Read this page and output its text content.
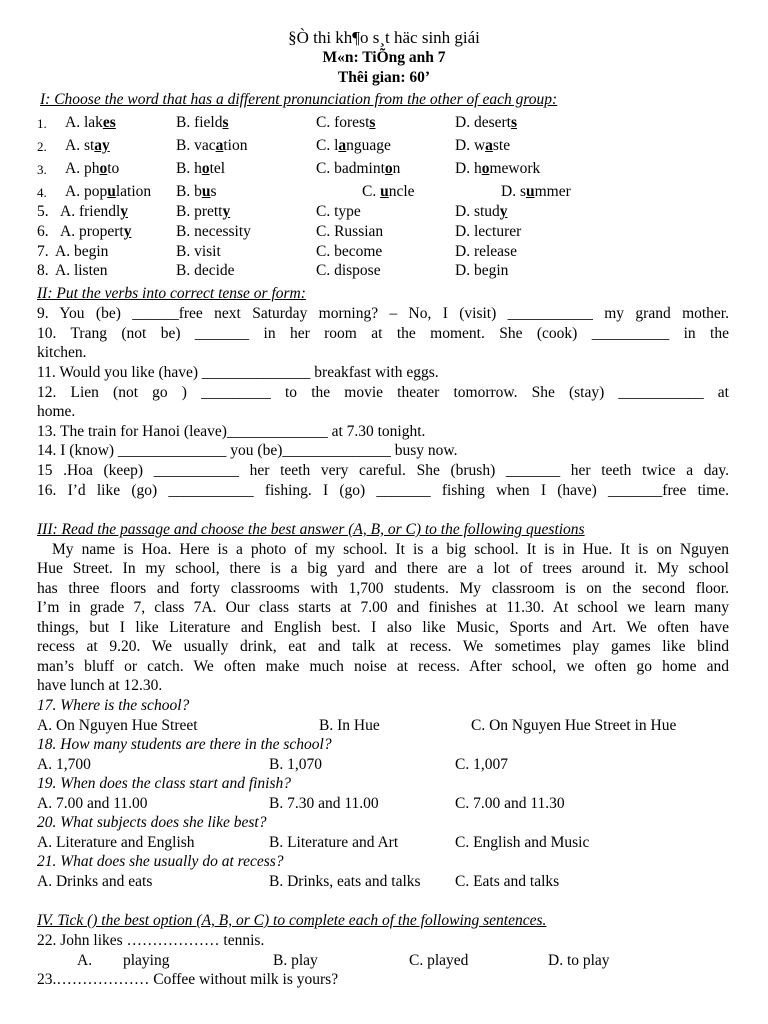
§Ò thi kh¶o s¸t häc sinh giái
M«n: TiÕng anh 7
Thêi gian: 60’
I: Choose the word that has a different pronunciation from the other of each group:
1. A. lakes	B. fields	C. forests	D. deserts
2. A. stay	B. vacation	C. language	D. waste
3. A. photo	B. hotel	C. badminton	D. homework
4. A. population B. bus	C. uncle	D. summer
5. A. friendly	B. pretty	C. type	D. study
6. A. property	B. necessity	C. Russian	D. lecturer
7. A. begin	B. visit	C. become	D. release
8. A. listen	B. decide	C. dispose	D. begin
II: Put the verbs into correct tense or form:
9. You (be) ______free next Saturday morning? – No, I (visit) ___________ my grand mother.
10. Trang (not be) _______ in her room at the moment. She (cook) __________ in the
kitchen.
11. Would you like (have) ______________ breakfast with eggs.
12. Lien (not go ) _________ to the movie theater tomorrow. She (stay) ___________ at
home.
13. The train for Hanoi (leave)_____________ at 7.30 tonight.
14. I (know) ______________ you (be)______________ busy now.
15 .Hoa (keep) ___________ her teeth very careful. She (brush) _______ her teeth twice a day.
16. I’d like (go) ___________ fishing. I (go) _______ fishing when I (have) _______free time.
III: Read the passage and choose the best answer (A, B, or C) to the following questions
My name is Hoa. Here is a photo of my school. It is a big school. It is in Hue. It is on Nguyen
Hue Street. In my school, there is a big yard and there are a lot of trees around it. My school
has three floors and forty classrooms with 1,700 students. My classroom is on the second floor.
I’m in grade 7, class 7A. Our class starts at 7.00 and finishes at 11.30. At school we learn many
things, but I like Literature and English best. I also like Music, Sports and Art. We often have
recess at 9.20. We usually drink, eat and talk at recess. We sometimes play games like blind
man’s bluff or catch. We often make much noise at recess. After school, we often go home and
have lunch at 12.30.
17. Where is the school?
A. On Nguyen Hue Street	B. In Hue	C. On Nguyen Hue Street in Hue
18. How many students are there in the school?
A. 1,700	B. 1,070	C. 1,007
19. When does the class start and finish?
A. 7.00 and 11.00	B. 7.30 and 11.00	C. 7.00 and 11.30
20. What subjects does she like best?
A. Literature and English	B. Literature and Art	C. English and Music
21. What does she usually do at recess?
A. Drinks and eats	B. Drinks, eats and talks C. Eats and talks
IV. Tick () the best option (A, B, or C) to complete each of the following sentences.
22. John likes ……………… tennis.
A. playing	B. play	C. played	D. to play
23.……………… Coffee without milk is yours?
